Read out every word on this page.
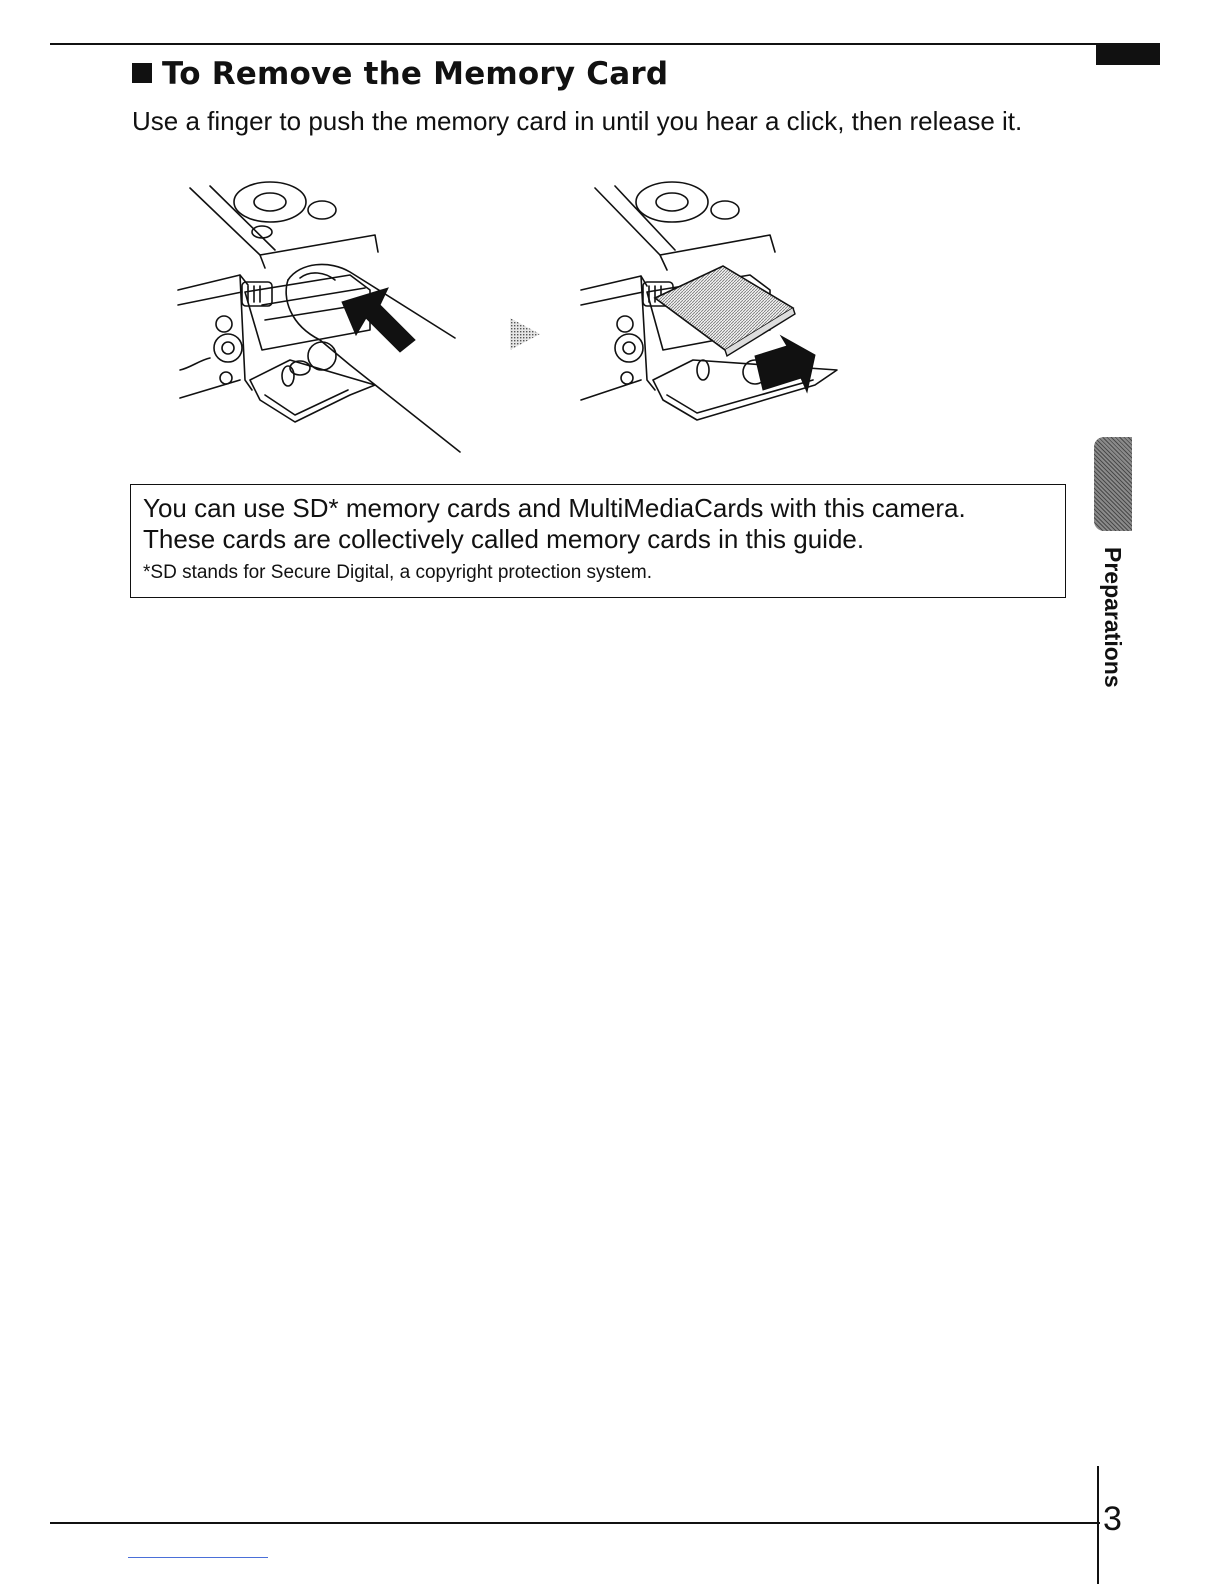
To Remove the Memory Card

Use a finger to push the memory card in until you hear a click, then release it.

You can use SD* memory cards and MultiMediaCards with this camera.

These cards are collectively called memory cards in this guide.

*SD stands for Secure Digital, a copyright protection system.	Preparations
3
